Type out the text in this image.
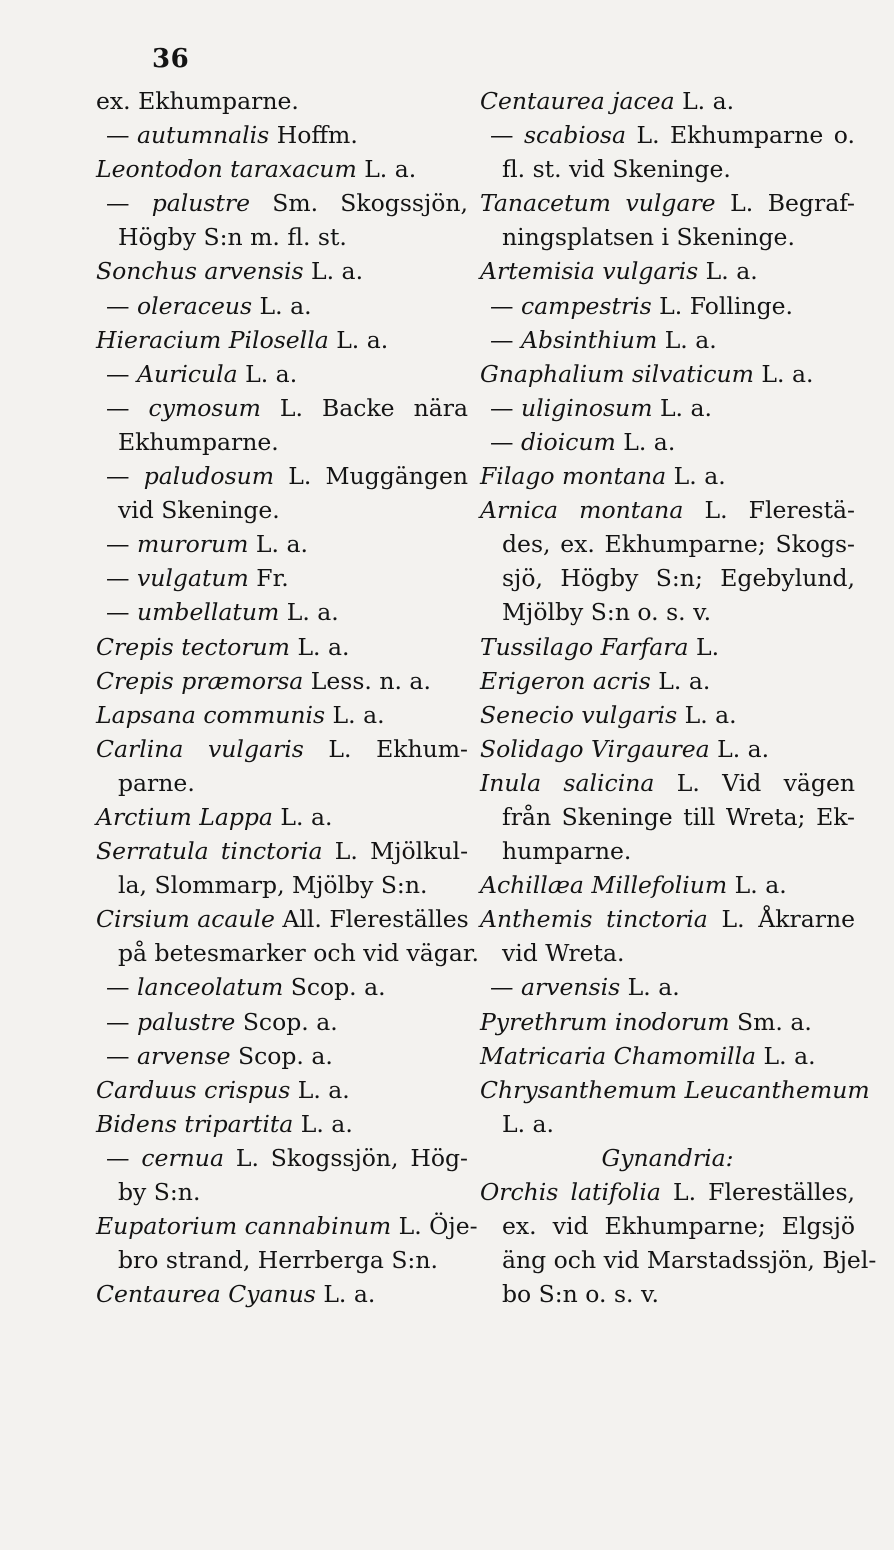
36
ex. Ekhumparne.
— autumnalis Hoffm.
Leontodon taraxacum L. a.
— palustre Sm. Skogssjön,
Högby S:n m. fl. st.
Sonchus arvensis L. a.
— oleraceus L. a.
Hieracium Pilosella L. a.
— Auricula L. a.
— cymosum L. Backe nära
Ekhumparne.
— paludosum L. Muggängen
vid Skeninge.
— murorum L. a.
— vulgatum Fr.
— umbellatum L. a.
Crepis tectorum L. a.
Crepis præmorsa Less. n. a.
Lapsana communis L. a.
Carlina vulgaris L. Ekhum-
parne.
Arctium Lappa L. a.
Serratula tinctoria L. Mjölkul-
la, Slommarp, Mjölby S:n.
Cirsium acaule All. Flereställes
på betesmarker och vid vägar.
— lanceolatum Scop. a.
— palustre Scop. a.
— arvense Scop. a.
Carduus crispus L. a.
Bidens tripartita L. a.
— cernua L. Skogssjön, Hög-
by S:n.
Eupatorium cannabinum L. Öje-
bro strand, Herrberga S:n.
Centaurea Cyanus L. a.
Centaurea jacea L. a.
— scabiosa L. Ekhumparne o.
fl. st. vid Skeninge.
Tanacetum vulgare L. Begraf-
ningsplatsen i Skeninge.
Artemisia vulgaris L. a.
— campestris L. Follinge.
— Absinthium L. a.
Gnaphalium silvaticum L. a.
— uliginosum L. a.
— dioicum L. a.
Filago montana L. a.
Arnica montana L. Flerestä-
des, ex. Ekhumparne; Skogs-
sjö, Högby S:n; Egebylund,
Mjölby S:n o. s. v.
Tussilago Farfara L.
Erigeron acris L. a.
Senecio vulgaris L. a.
Solidago Virgaurea L. a.
Inula salicina L. Vid vägen
från Skeninge till Wreta; Ek-
humparne.
Achillæa Millefolium L. a.
Anthemis tinctoria L. Åkrarne
vid Wreta.
— arvensis L. a.
Pyrethrum inodorum Sm. a.
Matricaria Chamomilla L. a.
Chrysanthemum Leucanthemum
L. a.
Gynandria:
Orchis latifolia L. Flereställes,
ex. vid Ekhumparne; Elgsjö
äng och vid Marstadssjön, Bjel-
bo S:n o. s. v.
